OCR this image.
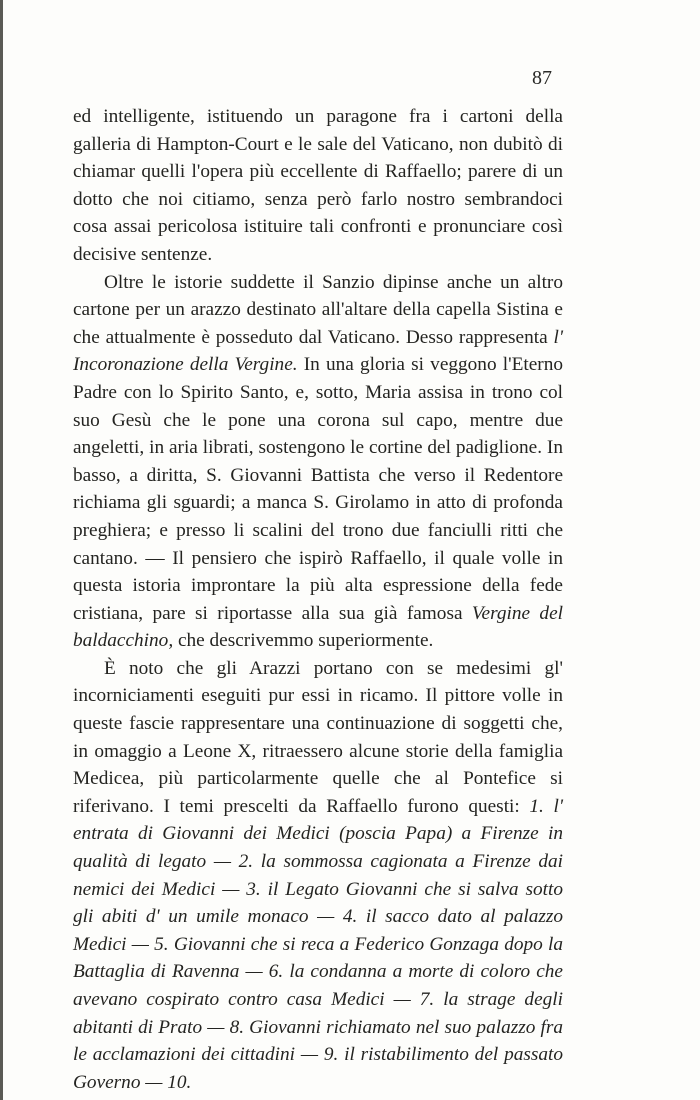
87

ed intelligente, istituendo un paragone fra i cartoni della galleria di Hampton-Court e le sale del Vaticano, non dubitò di chiamar quelli l'opera più eccellente di Raffaello; parere di un dotto che noi citiamo, senza però farlo nostro sembrandoci cosa assai pericolosa istituire tali confronti e pronunciare così decisive sentenze.

Oltre le istorie suddette il Sanzio dipinse anche un altro cartone per un arazzo destinato all'altare della capella Sistina e che attualmente è posseduto dal Vaticano. Desso rappresenta l' Incoronazione della Vergine. In una gloria si veggono l'Eterno Padre con lo Spirito Santo, e, sotto, Maria assisa in trono col suo Gesù che le pone una corona sul capo, mentre due angeletti, in aria librati, sostengono le cortine del padiglione. In basso, a diritta, S. Giovanni Battista che verso il Redentore richiama gli sguardi; a manca S. Girolamo in atto di profonda preghiera; e presso li scalini del trono due fanciulli ritti che cantano. — Il pensiero che ispirò Raffaello, il quale volle in questa istoria improntare la più alta espressione della fede cristiana, pare si riportasse alla sua già famosa Vergine del baldacchino, che descrivemmo superiormente.

È noto che gli Arazzi portano con se medesimi gl' incorniciamenti eseguiti pur essi in ricamo. Il pittore volle in queste fascie rappresentare una continuazione di soggetti che, in omaggio a Leone X, ritraessero alcune storie della famiglia Medicea, più particolarmente quelle che al Pontefice si riferivano. I temi prescelti da Raffaello furono questi: 1. l' entrata di Giovanni dei Medici (poscia Papa) a Firenze in qualità di legato — 2. la sommossa cagionata a Firenze dai nemici dei Medici — 3. il Legato Giovanni che si salva sotto gli abiti d' un umile monaco — 4. il sacco dato al palazzo Medici — 5. Giovanni che si reca a Federico Gonzaga dopo la Battaglia di Ravenna — 6. la condanna a morte di coloro che avevano cospirato contro casa Medici — 7. la strage degli abitanti di Prato — 8. Giovanni richiamato nel suo palazzo fra le acclamazioni dei cittadini — 9. il ristabilimento del passato Governo — 10.
